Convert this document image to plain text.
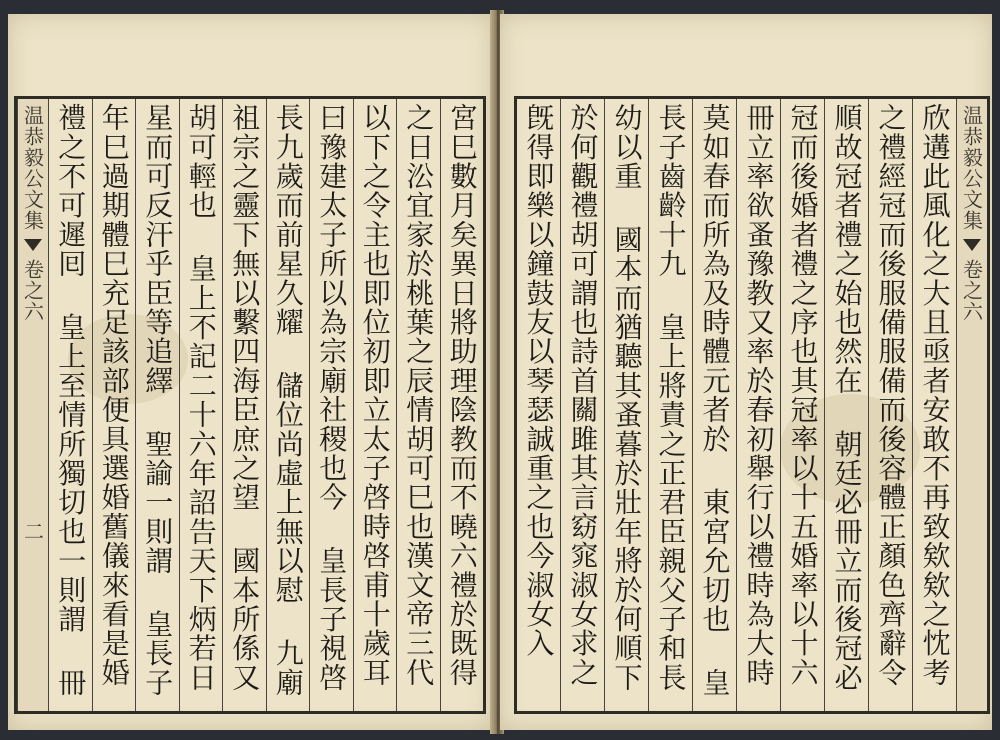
宮巳數月矣異日將助理陰教而不曉六禮於既得
之日㳂宜家於桃葉之辰情胡可巳也漢文帝三代
以下之令主也即位初即立太子啓時啓甫十歲耳
曰豫建太子所以為宗廟社稷也今 皇長子視啓
長九歲而前星久耀 儲位尚虛上無以慰 九廟
祖宗之靈下無以繫四海臣庶之望 國本所係又
胡可輕也 皇上不記二十六年詔告天下炳若日
星而可反汗乎臣等追繹 聖諭一則謂 皇長子
年巳過期體巳充足該部便具選婚舊儀來看是婚
禮之不可遲囘 皇上至情所獨切也一則謂 冊
温恭毅公文集
卷之六
二
温恭毅公文集
卷之六
欣遘此風化之大且亟者安敢不再致欸欸之忱考
之禮經冠而後服備服備而後容體正顏色齊辭令
順故冠者禮之始也然在 朝廷必冊立而後冠必
冠而後婚者禮之序也其冠率以十五婚率以十六
冊立率欲蚤豫教又率於春初舉行以禮時為大時
莫如春而所為及時體元者於 東宮允切也 皇
長子齒齡十九 皇上將責之正君臣親父子和長
幼以重 國本而猶聽其蚤暮於壯年將於何順下
於何觀禮胡可謂也詩首關雎其言窈窕淑女求之
旣得即樂以鐘鼓友以琴瑟誠重之也今淑女入
